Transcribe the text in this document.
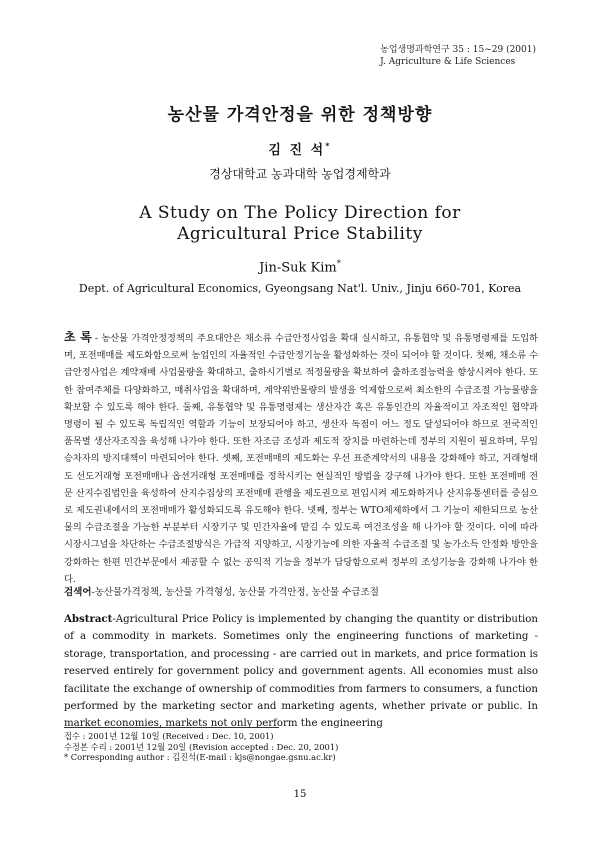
농업생명과학연구 35 : 15~29 (2001)
J. Agriculture & Life Sciences
농산물 가격안정을 위한 정책방향
김 진 석*
경상대학교 농과대학 농업경제학과
A Study on The Policy Direction for
Agricultural Price Stability
Jin-Suk Kim*
Dept. of Agricultural Economics, Gyeongsang Nat'l. Univ., Jinju 660-701, Korea
초 록 - 농산물 가격안정정책의 주요대안은 채소류 수급안정사업을 확대 실시하고, 유통협약 및 유통명령제를 도입하며, 포전매매를 제도화함으로써 농업인의 자율적인 수급안정기능을 활성화하는 것이 되어야 할 것이다. 첫째, 채소류 수급안정사업은 계약재배 사업물량을 확대하고, 출하시기별로 적정물량을 확보하여 출하조절능력을 향상시켜야 한다. 또한 참여주체를 다양화하고, 매취사업을 확대하며, 계약위반물량의 발생을 억제함으로써 최소한의 수급조절 가능물량을 확보할 수 있도록 해야 한다. 둘째, 유통협약 및 유통명령제는 생산자간 혹은 유통인간의 자율적이고 자조적인 협약과 명령이 될 수 있도록 독립적인 역할과 기능이 보장되어야 하고, 생산자 독점이 어느 정도 달성되어야 하므로 전국적인 품목별 생산자조직을 육성해 나가야 한다. 또한 자조금 조성과 제도적 장치를 마련하는데 정부의 지원이 필요하며, 무임승차자의 방지대책이 마련되어야 한다. 셋째, 포전매매의 제도화는 우선 표준계약서의 내용을 강화해야 하고, 거래형태도 선도거래형 포전매매나 옵션거래형 포전매매를 정착시키는 현실적인 방법을 강구해 나가야 한다. 또한 포전매매 전문 산지수집법인을 육성하여 산지수집상의 포전매매 관행을 제도권으로 편입시켜 제도화하거나 산지유통센터를 중심으로 제도권내에서의 포전매매가 활성화되도록 유도해야 한다. 넷째, 정부는 WTO체제하에서 그 기능이 제한되므로 농산물의 수급조절을 가능한 부분부터 시장기구 및 민간자율에 맡길 수 있도록 여건조성을 해 나가야 할 것이다. 이에 따라 시장시그널을 차단하는 수급조절방식은 가급적 지양하고, 시장기능에 의한 자율적 수급조절 및 농가소득 안정화 방안을 강화하는 한편 민간부문에서 제공할 수 없는 공익적 기능을 정부가 담당함으로써 정부의 조성기능을 강화해 나가야 한다.
검색어-농산물가격정책, 농산물 가격형성, 농산물 가격안정, 농산물 수급조절
Abstract-Agricultural Price Policy is implemented by changing the quantity or distribution of a commodity in markets. Sometimes only the engineering functions of marketing - storage, transportation, and processing - are carried out in markets, and price formation is reserved entirely for government policy and government agents. All economies must also facilitate the exchange of ownership of commodities from farmers to consumers, a function performed by the marketing sector and marketing agents, whether private or public. In market economies, markets not only perform the engineering
접수 : 2001년 12월 10일 (Received : Dec. 10, 2001)
수정본 수리 : 2001년 12월 20일 (Revision accepted : Dec. 20, 2001)
* Corresponding author : 김진석(E-mail : kjs@nongae.gsnu.ac.kr)
15
